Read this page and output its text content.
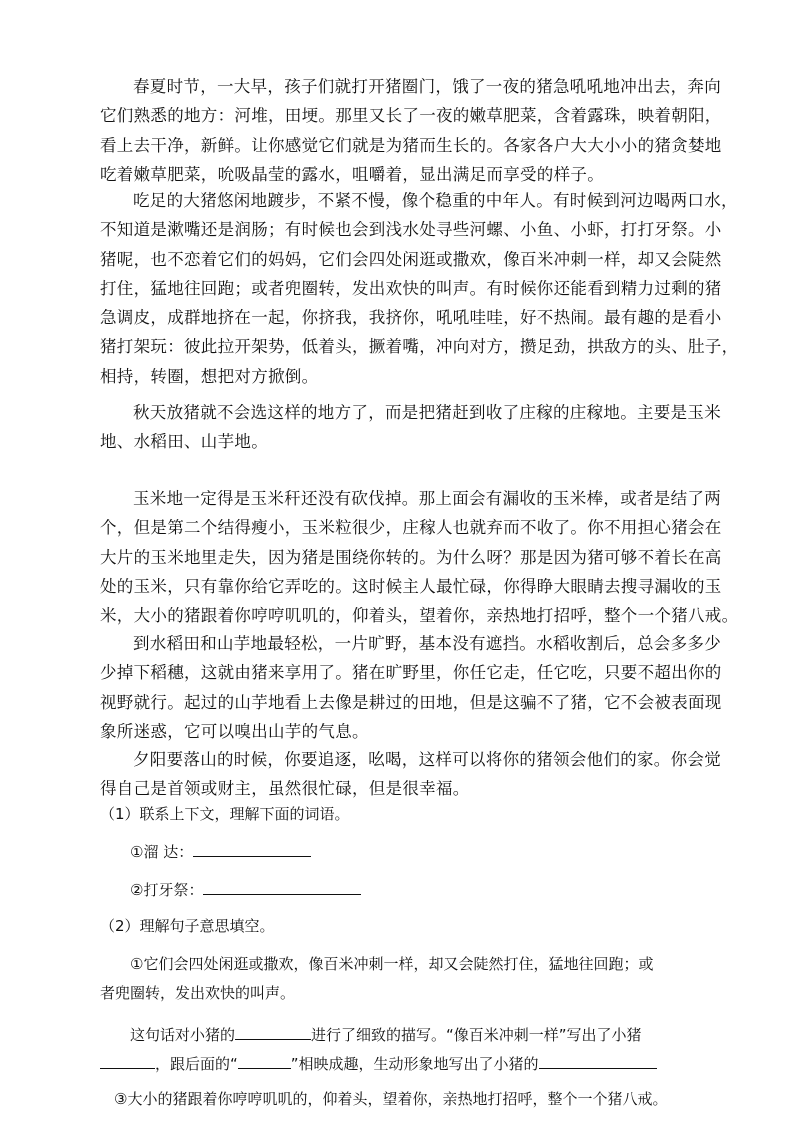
春夏时节，一大早，孩子们就打开猪圈门，饿了一夜的猪急吼吼地冲出去，奔向
它们熟悉的地方：河堆，田埂。那里又长了一夜的嫩草肥菜，含着露珠，映着朝阳，
看上去干净，新鲜。让你感觉它们就是为猪而生长的。各家各户大大小小的猪贪婪地
吃着嫩草肥菜，吮吸晶莹的露水，咀嚼着，显出满足而享受的样子。
吃足的大猪悠闲地踱步，不紧不慢，像个稳重的中年人。有时候到河边喝两口水，
不知道是漱嘴还是润肠；有时候也会到浅水处寻些河螺、小鱼、小虾，打打牙祭。小
猪呢，也不恋着它们的妈妈，它们会四处闲逛或撒欢，像百米冲刺一样，却又会陡然
打住，猛地往回跑；或者兜圈转，发出欢快的叫声。有时候你还能看到精力过剩的猪
急调皮，成群地挤在一起，你挤我，我挤你，吼吼哇哇，好不热闹。最有趣的是看小
猪打架玩：彼此拉开架势，低着头，撅着嘴，冲向对方，攒足劲，拱敌方的头、肚子，
相持，转圈，想把对方掀倒。
秋天放猪就不会选这样的地方了，而是把猪赶到收了庄稼的庄稼地。主要是玉米
地、水稻田、山芋地。
玉米地一定得是玉米秆还没有砍伐掉。那上面会有漏收的玉米棒，或者是结了两
个，但是第二个结得瘦小，玉米粒很少，庄稼人也就弃而不收了。你不用担心猪会在
大片的玉米地里走失，因为猪是围绕你转的。为什么呀？那是因为猪可够不着长在高
处的玉米，只有靠你给它弄吃的。这时候主人最忙碌，你得睁大眼睛去搜寻漏收的玉
米，大小的猪跟着你哼哼叽叽的，仰着头，望着你，亲热地打招呼，整个一个猪八戒。
到水稻田和山芋地最轻松，一片旷野，基本没有遮挡。水稻收割后，总会多多少
少掉下稻穗，这就由猪来享用了。猪在旷野里，你任它走，任它吃，只要不超出你的
视野就行。起过的山芋地看上去像是耕过的田地，但是这骗不了猪，它不会被表面现
象所迷惑，它可以嗅出山芋的气息。
夕阳要落山的时候，你要追逐，吆喝，这样可以将你的猪领会他们的家。你会觉
得自己是首领或财主，虽然很忙碌，但是很幸福。

（1）联系上下文，理解下面的词语。

①溜 达：

②打牙祭：

（2）理解句子意思填空。

①它们会四处闲逛或撒欢，像百米冲刺一样，却又会陡然打住，猛地往回跑；或

者兜圈转，发出欢快的叫声。

这句话对小猪的	进行了细致的描写。“像百米冲刺一样”写出了小猪

，跟后面的“	”相映成趣，生动形象地写出了小猪的

③大小的猪跟着你哼哼叽叽的，仰着头，望着你，亲热地打招呼，整个一个猪八戒。
